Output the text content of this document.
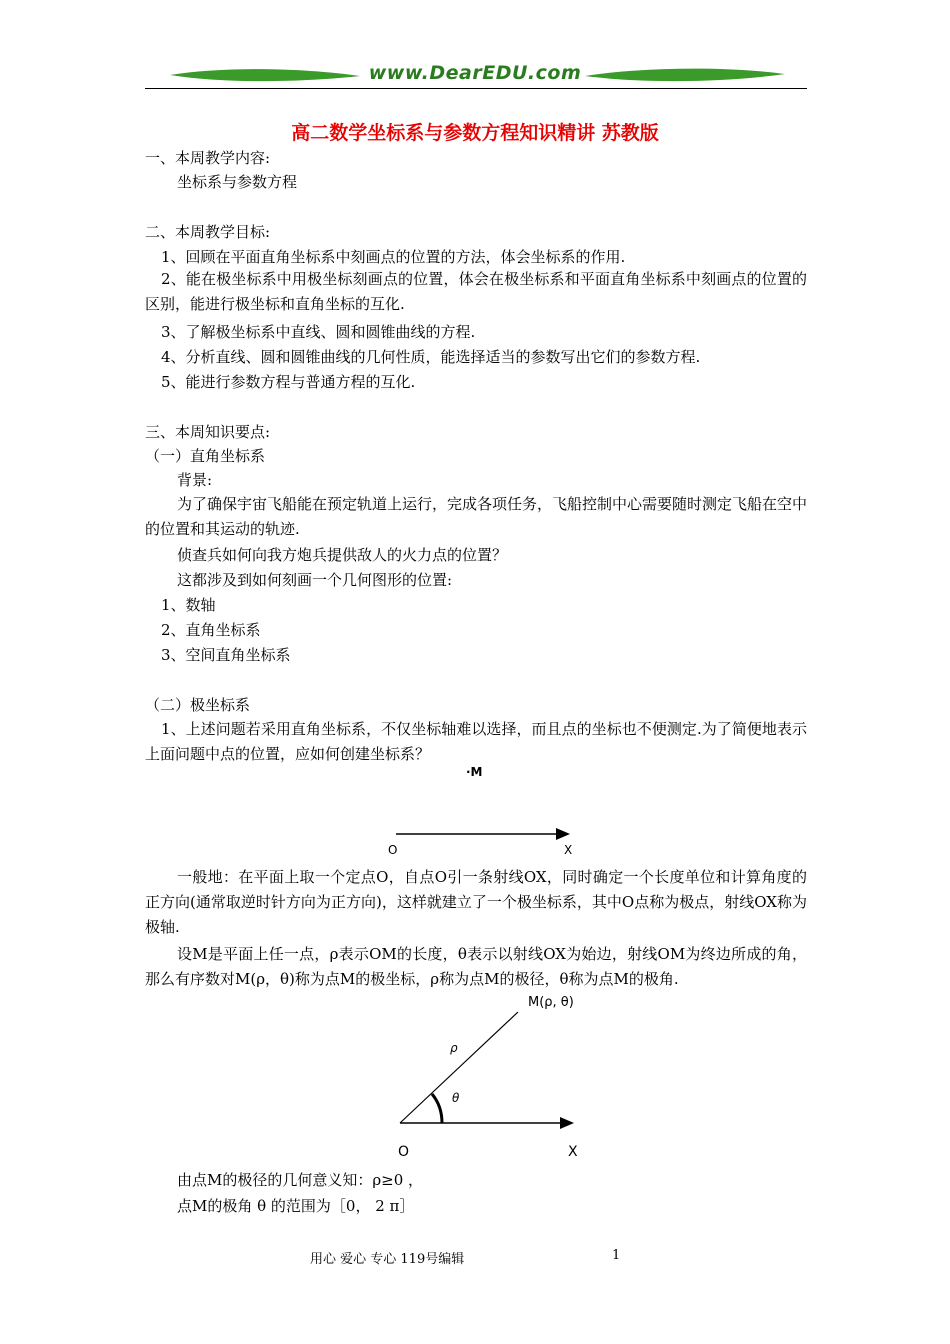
www.DearEDU.com
高二数学坐标系与参数方程知识精讲 苏教版
一、本周教学内容:
坐标系与参数方程
二、本周教学目标:
1、回顾在平面直角坐标系中刻画点的位置的方法，体会坐标系的作用.
2、能在极坐标系中用极坐标刻画点的位置，体会在极坐标系和平面直角坐标系中刻画点的位置的区别，能进行极坐标和直角坐标的互化.
3、了解极坐标系中直线、圆和圆锥曲线的方程.
4、分析直线、圆和圆锥曲线的几何性质，能选择适当的参数写出它们的参数方程.
5、能进行参数方程与普通方程的互化.
三、本周知识要点:
（一）直角坐标系
背景:
为了确保宇宙飞船能在预定轨道上运行，完成各项任务，飞船控制中心需要随时测定飞船在空中的位置和其运动的轨迹.
侦查兵如何向我方炮兵提供敌人的火力点的位置？
这都涉及到如何刻画一个几何图形的位置:
1、数轴
2、直角坐标系
3、空间直角坐标系
（二）极坐标系
1、上述问题若采用直角坐标系，不仅坐标轴难以选择，而且点的坐标也不便测定.为了简便地表示上面问题中点的位置，应如何创建坐标系？
·M
O	X
一般地：在平面上取一个定点O，自点O引一条射线OX，同时确定一个长度单位和计算角度的正方向(通常取逆时针方向为正方向)，这样就建立了一个极坐标系，其中O点称为极点，射线OX称为极轴.
设M是平面上任一点，ρ表示OM的长度，θ表示以射线OX为始边，射线OM为终边所成的角，那么有序数对M(ρ，θ)称为点M的极坐标，ρ称为点M的极径，θ称为点M的极角.
M(ρ, θ)
ρ
θ
O	X
由点M的极径的几何意义知：ρ≥0 ，
点M的极角 θ 的范围为［0， 2 π］
用心 爱心 专心 119号编辑	1
